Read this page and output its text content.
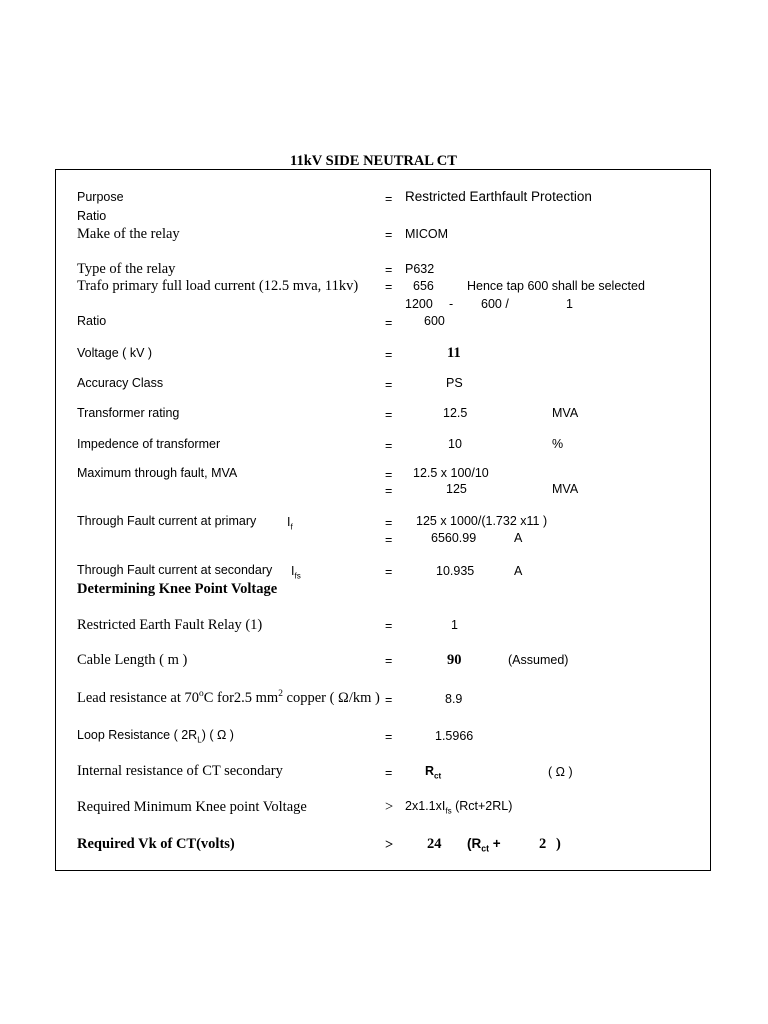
11kV SIDE NEUTRAL CT
Purpose	= Restricted Earthfault Protection
Ratio
Make of the relay	= MICOM
Type of the relay	= P632
Trafo primary full load current (12.5 mva, 11kv) = 656	Hence tap 600 shall be selected
1200 - 600 /	1
Ratio	=	600
Voltage ( kV )	=	11
Accuracy Class	=	PS
Transformer rating	=	12.5	MVA
Impedence of transformer	=	10	%
Maximum through fault, MVA	= 12.5 x 100/10
=	125	MVA
Through Fault current at primary $I_f$	= 125 x 1000/(1.732 x11 )
=	6560.99	A
Through Fault current at secondary $I_{fs}$	=	10.935	A
Determining Knee Point Voltage
Restricted Earth Fault Relay (1)	=	1
Cable Length ( m )	=	90	(Assumed)
Lead resistance at 70$^o$C for2.5 $mm^2$ copper ( Ω/km ) =	8.9
Loop Resistance ( $2R_L$) ( Ω )	=	1.5966
Internal resistance of CT secondary	=	$R_{ct}$	( Ω )
Required Minimum Knee point Voltage	> $2x1.1xI_{fs}$ (Rct+2RL)
Required Vk of CT(volts)	> 24 ($R_{ct}$ +	2 )
